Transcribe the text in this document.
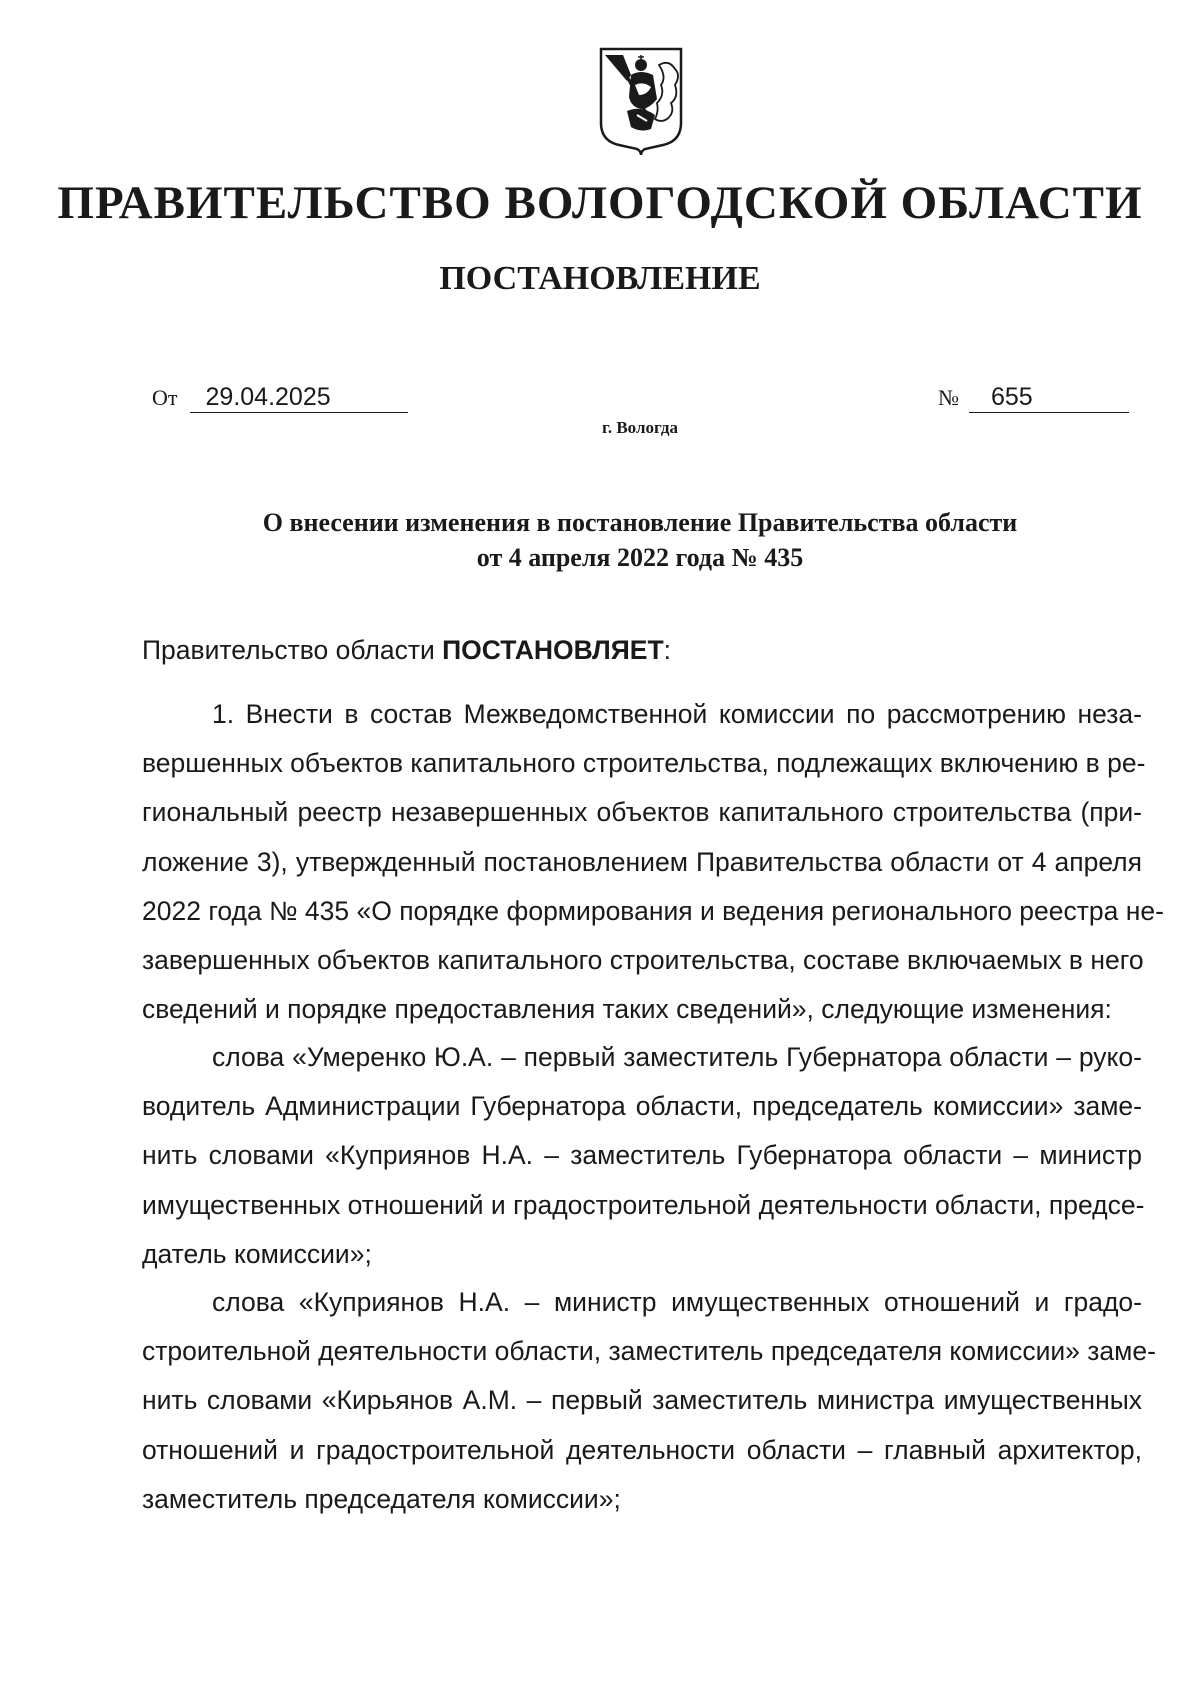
ПРАВИТЕЛЬСТВО ВОЛОГОДСКОЙ ОБЛАСТИ
ПОСТАНОВЛЕНИЕ
От	29.04.2025	№	655

г. Вологда

О внесении изменения в постановление Правительства области
от 4 апреля 2022 года № 435

Правительство области ПОСТАНОВЛЯЕТ:

1. Внести в состав Межведомственной комиссии по рассмотрению неза-
вершенных объектов капитального строительства, подлежащих включению в ре-
гиональный реестр незавершенных объектов капитального строительства (при-
ложение 3), утвержденный постановлением Правительства области от 4 апреля
2022 года № 435 «О порядке формирования и ведения регионального реестра не-
завершенных объектов капитального строительства, составе включаемых в него
сведений и порядке предоставления таких сведений», следующие изменения:

слова «Умеренко Ю.А. – первый заместитель Губернатора области – руко-
водитель Администрации Губернатора области, председатель комиссии» заме-
нить словами «Куприянов Н.А. – заместитель Губернатора области – министр
имущественных отношений и градостроительной деятельности области, предсе-
датель комиссии»;

слова «Куприянов Н.А. – министр имущественных отношений и градо-
строительной деятельности области, заместитель председателя комиссии» заме-
нить словами «Кирьянов А.М. – первый заместитель министра имущественных
отношений и градостроительной деятельности области – главный архитектор,
заместитель председателя комиссии»;
